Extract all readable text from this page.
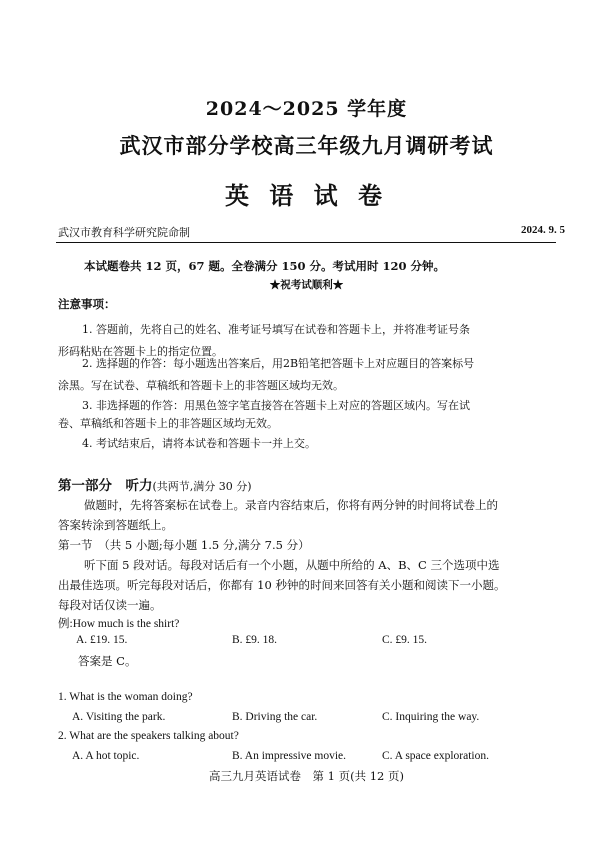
2024～2025 学年度
武汉市部分学校高三年级九月调研考试
英 语 试 卷
武汉市教育科学研究院命制	2024. 9. 5
本试题卷共 12 页，67 题。全卷满分 150 分。考试用时 120 分钟。
★祝考试顺利★
注意事项：
1. 答题前，先将自己的姓名、准考证号填写在试卷和答题卡上，并将准考证号条
形码粘贴在答题卡上的指定位置。
2. 选择题的作答：每小题选出答案后，用2B铅笔把答题卡上对应题目的答案标号
涂黑。写在试卷、草稿纸和答题卡上的非答题区域均无效。
3. 非选择题的作答：用黑色签字笔直接答在答题卡上对应的答题区域内。写在试
卷、草稿纸和答题卡上的非答题区域均无效。
4. 考试结束后，请将本试卷和答题卡一并上交。
第一部分　听力(共两节,满分 30 分)
做题时，先将答案标在试卷上。录音内容结束后，你将有两分钟的时间将试卷上的
答案转涂到答题纸上。
第一节　（共 5 小题;每小题 1.5 分,满分 7.5 分）
听下面 5 段对话。每段对话后有一个小题，从题中所给的 A、B、C 三个选项中选
出最佳选项。听完每段对话后，你都有 10 秒钟的时间来回答有关小题和阅读下一小题。
每段对话仅读一遍。
例:How much is the shirt?
A. £19. 15.	B. £9. 18.	C. £9. 15.
答案是 C。
1. What is the woman doing?
A. Visiting the park.	B. Driving the car.	C. Inquiring the way.
2. What are the speakers talking about?
A. A hot topic.	B. An impressive movie.	C. A space exploration.
高三九月英语试卷　第 1 页(共 12 页)
